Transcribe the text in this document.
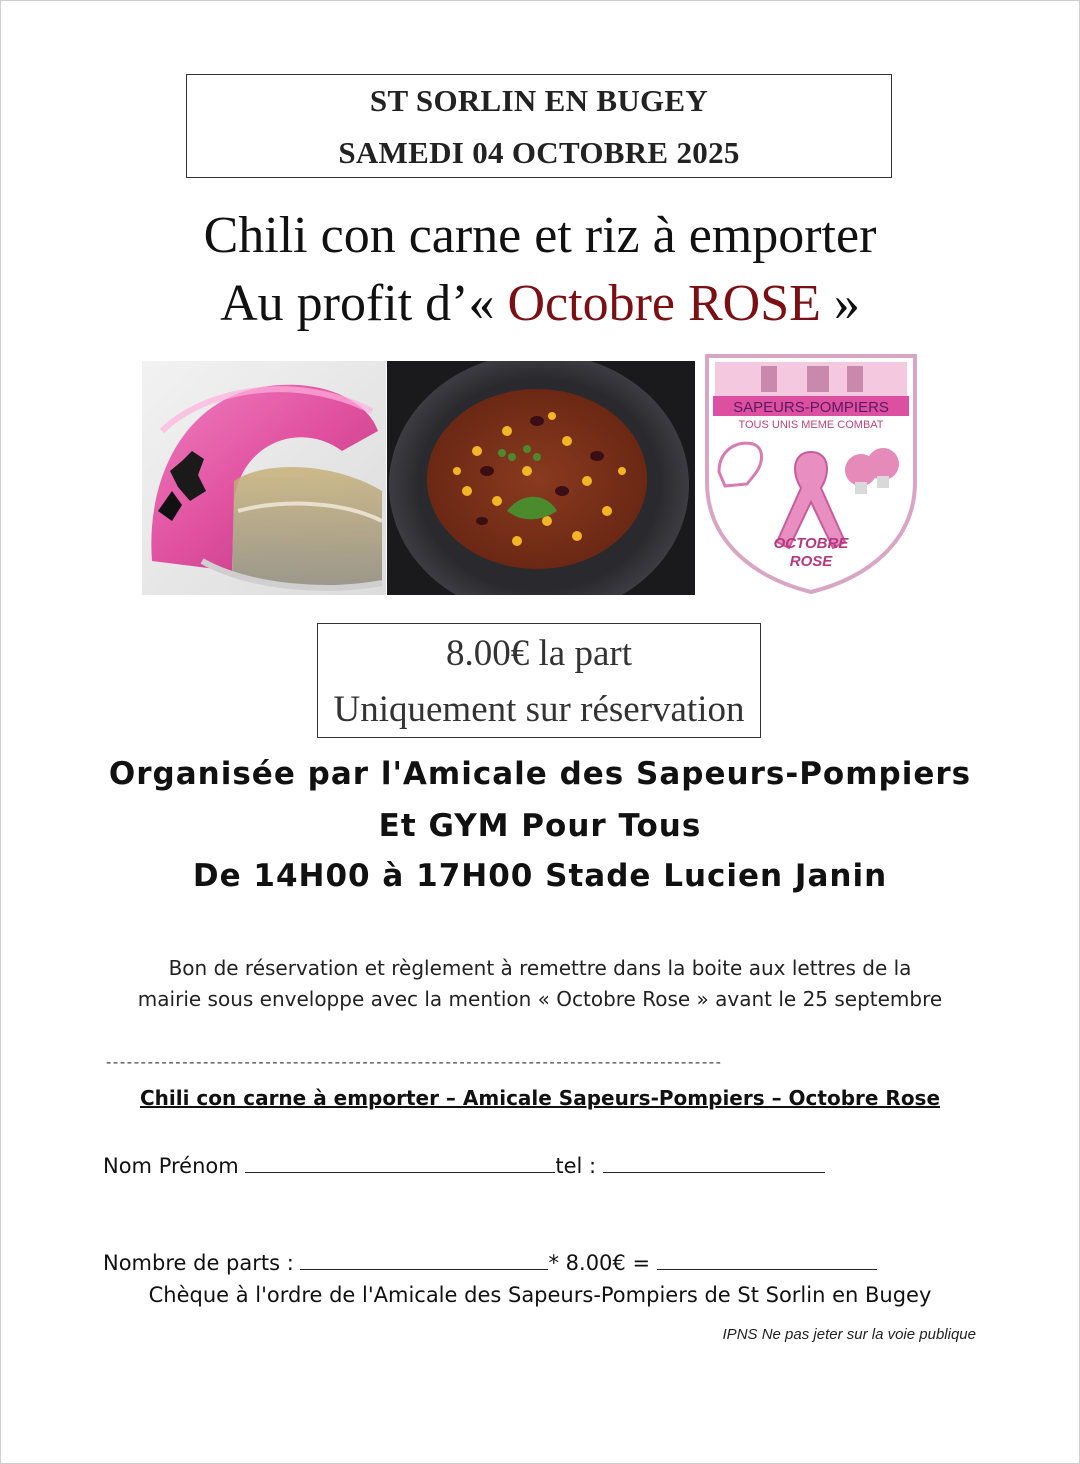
ST SORLIN EN BUGEY
SAMEDI 04 OCTOBRE 2025
Chili con carne et riz à emporter
Au profit d’« Octobre ROSE »
SAPEURS-POMPIERS
TOUS UNIS MEME COMBAT
OCTOBRE
ROSE
8.00€ la part
Uniquement sur réservation
Organisée par l'Amicale des Sapeurs-Pompiers
Et GYM Pour Tous
De 14H00 à 17H00 Stade Lucien Janin
Bon de réservation et règlement à remettre dans la boite aux lettres de la
mairie sous enveloppe avec la mention « Octobre Rose » avant le 25 septembre
-----------------------------------------------------------------------------------------
Chili con carne à emporter – Amicale Sapeurs-Pompiers – Octobre Rose
Nom Prénom	tel :
Nombre de parts :	* 8.00€ =
Chèque à l'ordre de l'Amicale des Sapeurs-Pompiers de St Sorlin en Bugey
IPNS Ne pas jeter sur la voie publique
